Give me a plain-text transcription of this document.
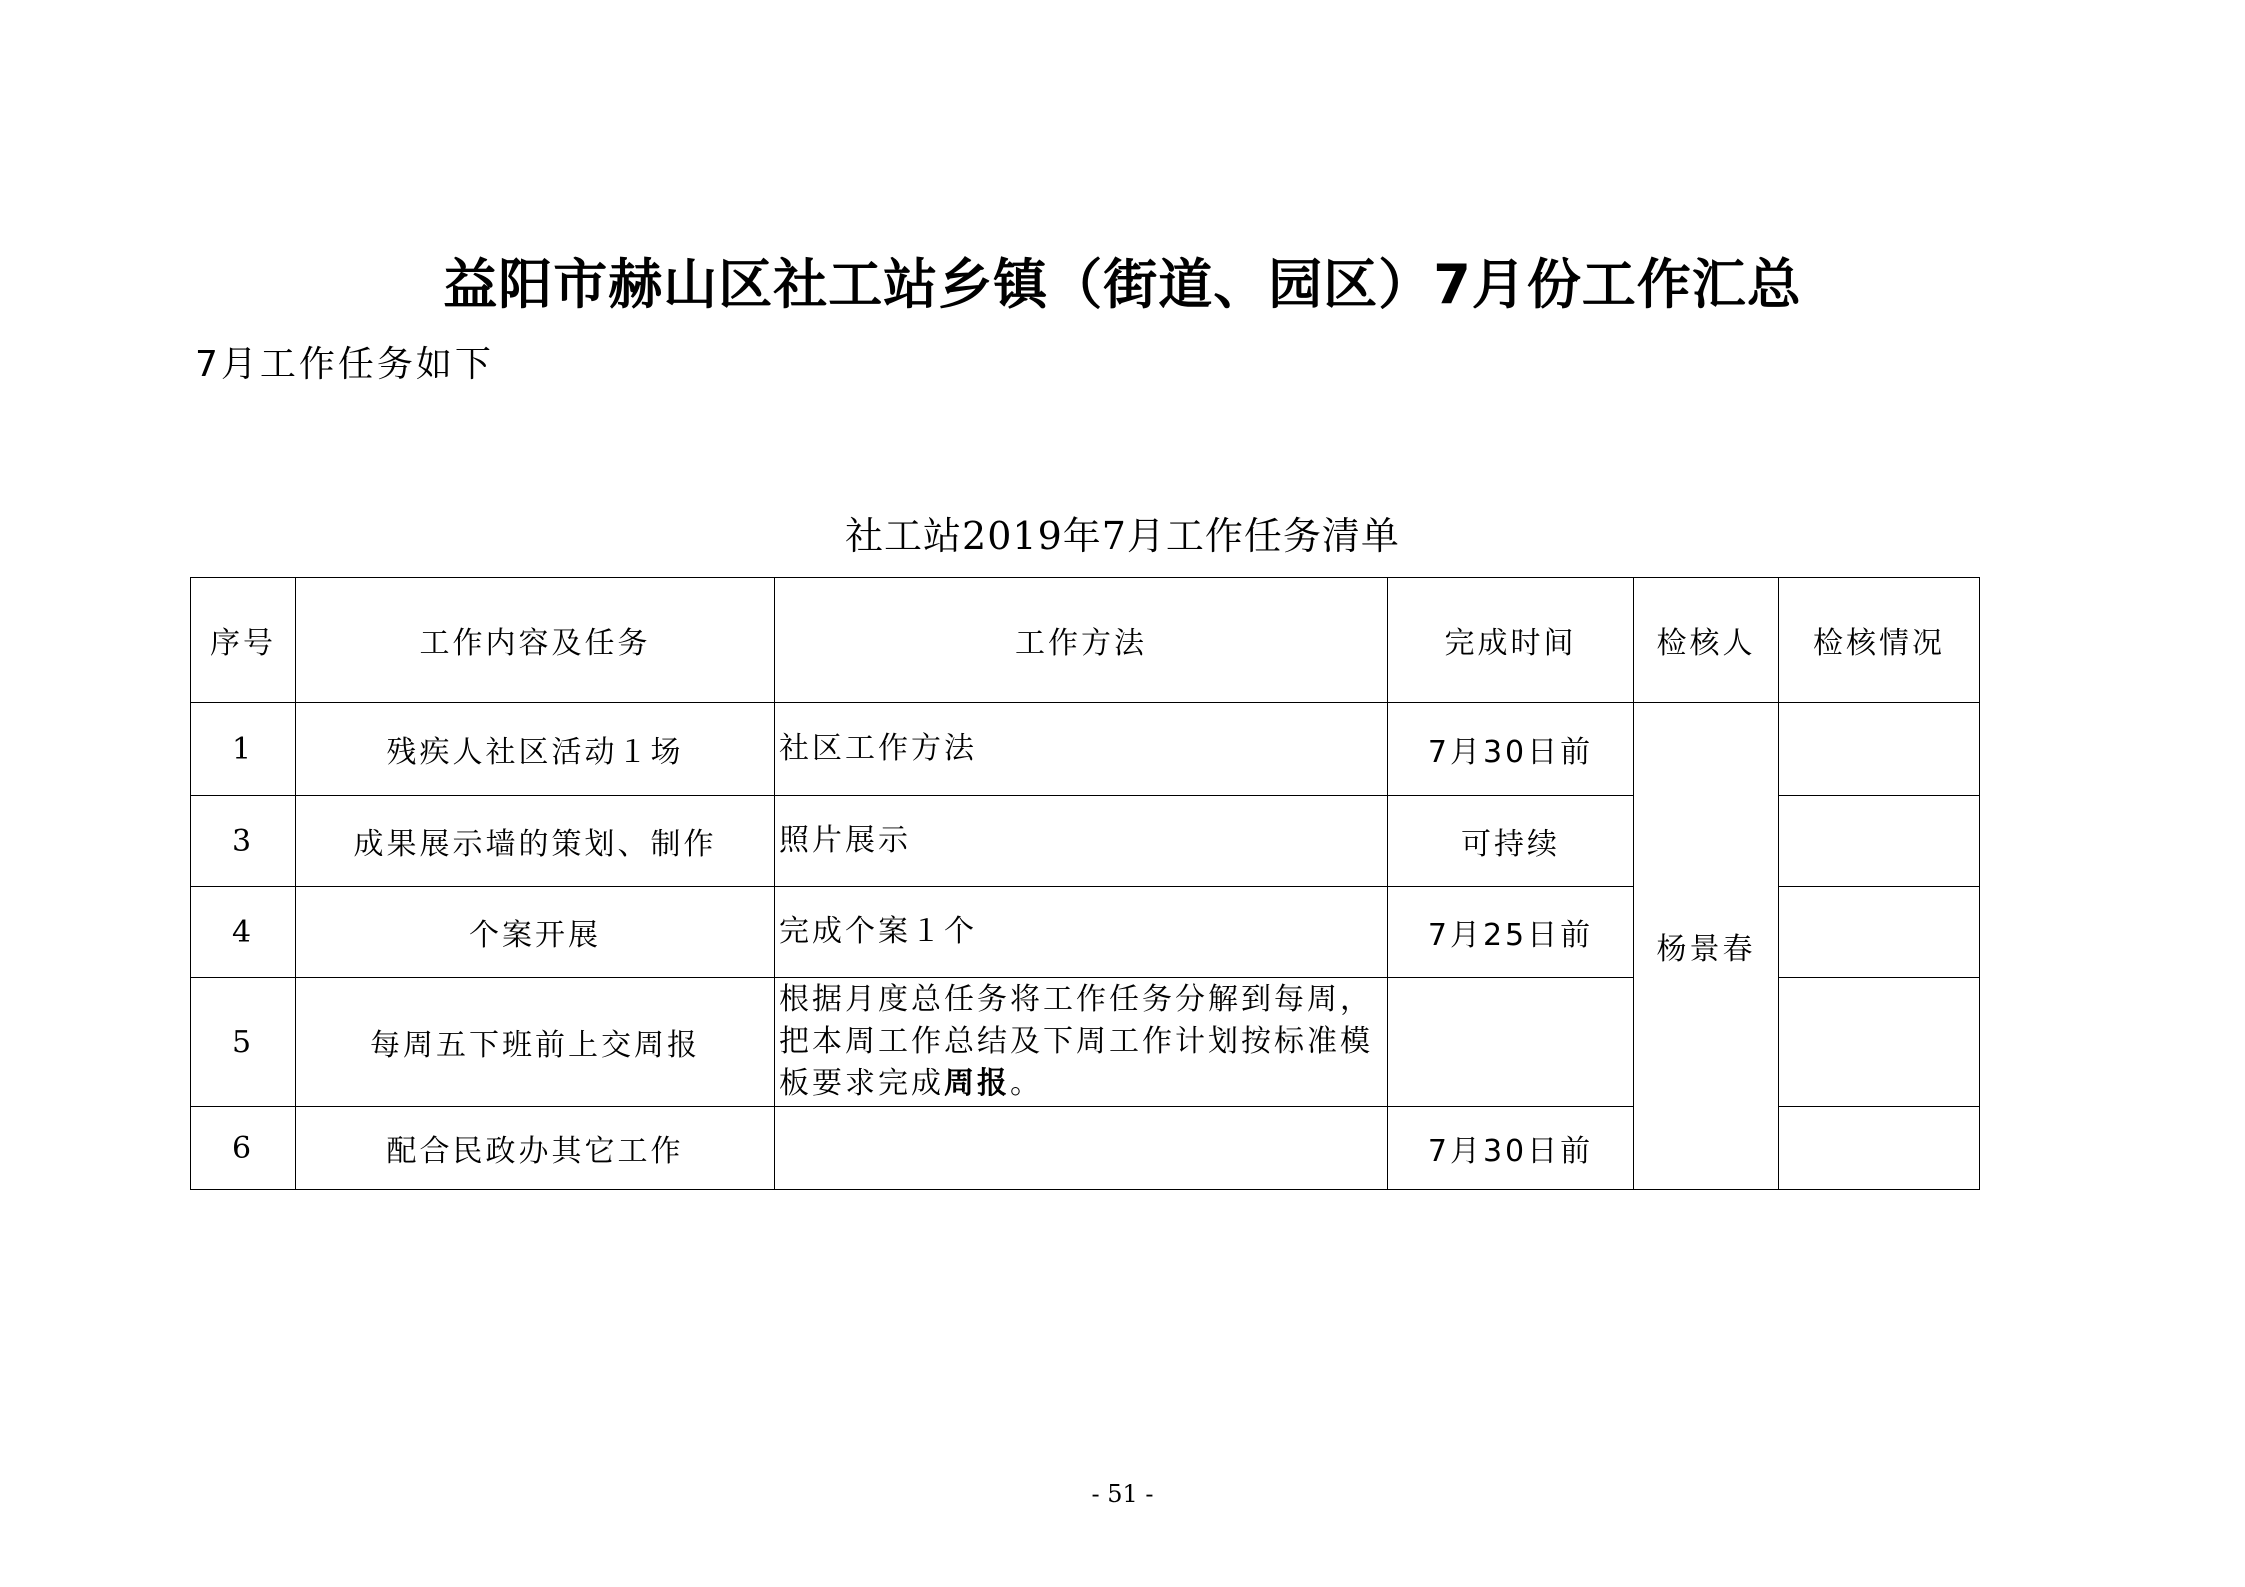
益阳市赫山区社工站乡镇（街道、园区）7月份工作汇总

7月工作任务如下

社工站2019年7月工作任务清单

序号	工作内容及任务	工作方法	完成时间	检核人	检核情况
1	残疾人社区活动１场	社区工作方法	7月30日前	杨景春	
3	成果展示墙的策划、制作	照片展示	可持续		
4	个案开展	完成个案１个	7月25日前		
5	每周五下班前上交周报	根据月度总任务将工作任务分解到每周，把本周工作总结及下周工作计划按标准模板要求完成周报。			
6	配合民政办其它工作		7月30日前		

- 51 -
